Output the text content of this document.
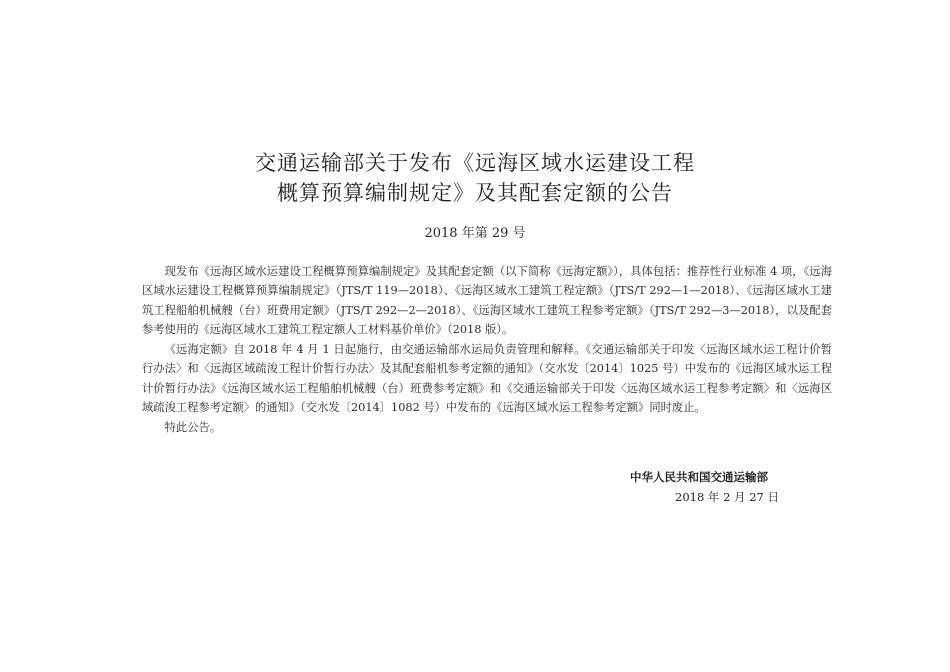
交通运输部关于发布《远海区域水运建设工程
概算预算编制规定》及其配套定额的公告
2018 年第 29 号

现发布《远海区域水运建设工程概算预算编制规定》及其配套定额（以下简称《远海定额》），具体包括：推荐性行业标准 4 项，《远海区域水运建设工程概算预算编制规定》（JTS/T 119—2018）、《远海区域水工建筑工程定额》（JTS/T 292—1—2018）、《远海区域水工建筑工程船舶机械艘（台）班费用定额》（JTS/T 292—2—2018）、《远海区域水工建筑工程参考定额》（JTS/T 292—3—2018），以及配套参考使用的《远海区域水工建筑工程定额人工材料基价单价》（2018 版）。

《远海定额》自 2018 年 4 月 1 日起施行，由交通运输部水运局负责管理和解释。《交通运输部关于印发〈远海区域水运工程计价暂行办法〉和〈远海区域疏浚工程计价暂行办法〉及其配套船机参考定额的通知》（交水发〔2014〕1025 号）中发布的《远海区域水运工程计价暂行办法》《远海区域水运工程船舶机械艘（台）班费参考定额》和《交通运输部关于印发〈远海区域水运工程参考定额〉和〈远海区域疏浚工程参考定额〉的通知》（交水发〔2014〕1082 号）中发布的《远海区域水运工程参考定额》同时废止。

特此公告。

中华人民共和国交通运输部
2018 年 2 月 27 日
